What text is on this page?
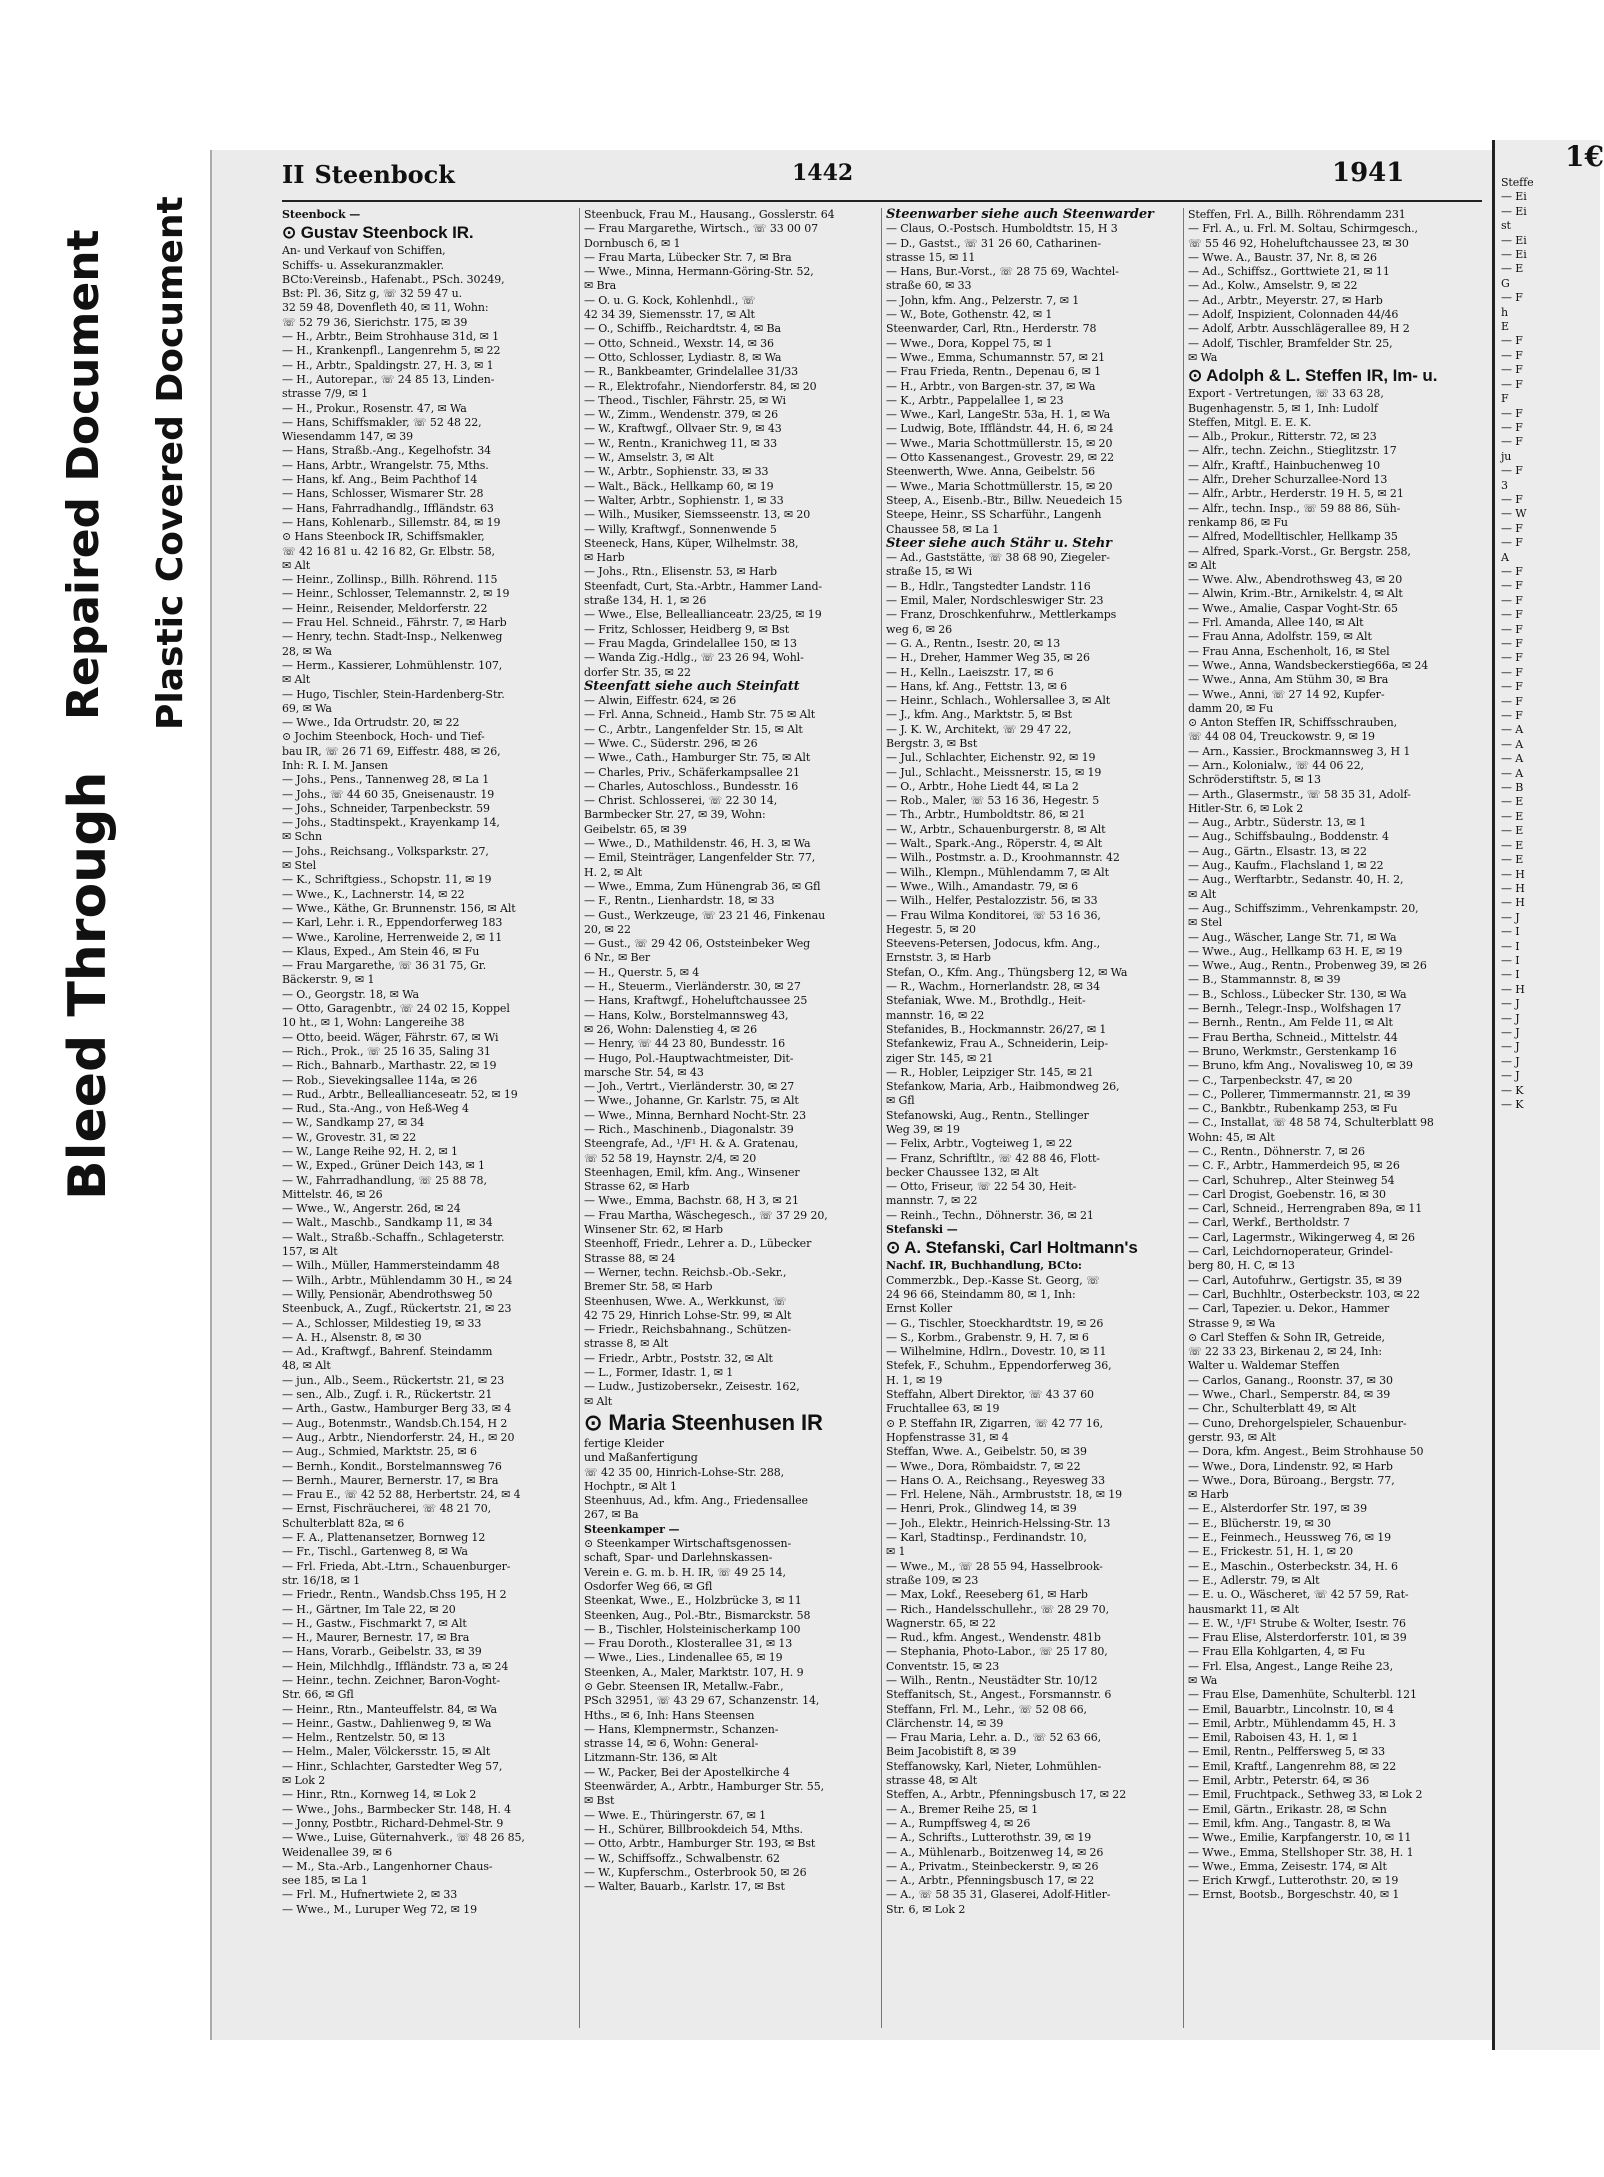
Bleed Through
Repaired Document Plastic Covered Document
II Steenbock	1442	1941
Steenbock —
⊙ Gustav Steenbock IR.
An- und Verkauf von Schiffen,
Schiffs- u. Assekuranzmakler.
BCto:Vereinsb., Hafenabt., PSch. 30249,
Bst: Pl. 36, Sitz g, ☏ 32 59 47 u.
32 59 48, Dovenfleth 40, ✉ 11, Wohn:
☏ 52 79 36, Sierichstr. 175, ✉ 39
— H., Arbtr., Beim Strohhause 31d, ✉ 1
— H., Krankenpfl., Langenrehm 5, ✉ 22
— H., Arbtr., Spaldingstr. 27, H. 3, ✉ 1
— H., Autorepar., ☏ 24 85 13, Linden-
strasse 7/9, ✉ 1
— H., Prokur., Rosenstr. 47, ✉ Wa
— Hans, Schiffsmakler, ☏ 52 48 22,
Wiesendamm 147, ✉ 39
— Hans, Straßb.-Ang., Kegelhofstr. 34
— Hans, Arbtr., Wrangelstr. 75, Mths.
— Hans, kf. Ang., Beim Pachthof 14
— Hans, Schlosser, Wismarer Str. 28
— Hans, Fahrradhandlg., Iffländstr. 63
— Hans, Kohlenarb., Sillemstr. 84, ✉ 19
⊙ Hans Steenbock IR, Schiffsmakler,
☏ 42 16 81 u. 42 16 82, Gr. Elbstr. 58,
✉ Alt
— Heinr., Zollinsp., Billh. Röhrend. 115
— Heinr., Schlosser, Telemannstr. 2, ✉ 19
— Heinr., Reisender, Meldorferstr. 22
— Frau Hel. Schneid., Fährstr. 7, ✉ Harb
— Henry, techn. Stadt-Insp., Nelkenweg
28, ✉ Wa
— Herm., Kassierer, Lohmühlenstr. 107,
✉ Alt
— Hugo, Tischler, Stein-Hardenberg-Str.
69, ✉ Wa
— Wwe., Ida Ortrudstr. 20, ✉ 22
⊙ Jochim Steenbock, Hoch- und Tief-
bau IR, ☏ 26 71 69, Eiffestr. 488, ✉ 26,
Inh: R. I. M. Jansen
— Johs., Pens., Tannenweg 28, ✉ La 1
— Johs., ☏ 44 60 35, Gneisenaustr. 19
— Johs., Schneider, Tarpenbeckstr. 59
— Johs., Stadtinspekt., Krayenkamp 14,
✉ Schn
— Johs., Reichsang., Volksparkstr. 27,
✉ Stel
— K., Schriftgiess., Schopstr. 11, ✉ 19
— Wwe., K., Lachnerstr. 14, ✉ 22
— Wwe., Käthe, Gr. Brunnenstr. 156, ✉ Alt
— Karl, Lehr. i. R., Eppendorferweg 183
— Wwe., Karoline, Herrenweide 2, ✉ 11
— Klaus, Exped., Am Stein 46, ✉ Fu
— Frau Margarethe, ☏ 36 31 75, Gr.
Bäckerstr. 9, ✉ 1
— O., Georgstr. 18, ✉ Wa
— Otto, Garagenbtr., ☏ 24 02 15, Koppel
10 ht., ✉ 1, Wohn: Langereihe 38
— Otto, beeid. Wäger, Fährstr. 67, ✉ Wi
— Rich., Prok., ☏ 25 16 35, Saling 31
— Rich., Bahnarb., Marthastr. 22, ✉ 19
— Rob., Sievekingsallee 114a, ✉ 26
— Rud., Arbtr., Belleallianceseatr. 52, ✉ 19
— Rud., Sta.-Ang., von Heß-Weg 4
— W., Sandkamp 27, ✉ 34
— W., Grovestr. 31, ✉ 22
— W., Lange Reihe 92, H. 2, ✉ 1
— W., Exped., Grüner Deich 143, ✉ 1
— W., Fahrradhandlung, ☏ 25 88 78,
Mittelstr. 46, ✉ 26
— Wwe., W., Angerstr. 26d, ✉ 24
— Walt., Maschb., Sandkamp 11, ✉ 34
— Walt., Straßb.-Schaffn., Schlageterstr.
157, ✉ Alt
— Wilh., Müller, Hammersteindamm 48
— Wilh., Arbtr., Mühlendamm 30 H., ✉ 24
— Willy, Pensionär, Abendrothsweg 50
Steenbuck, A., Zugf., Rückertstr. 21, ✉ 23
— A., Schlosser, Mildestieg 19, ✉ 33
— A. H., Alsenstr. 8, ✉ 30
— Ad., Kraftwgf., Bahrenf. Steindamm
48, ✉ Alt
— jun., Alb., Seem., Rückertstr. 21, ✉ 23
— sen., Alb., Zugf. i. R., Rückertstr. 21
— Arth., Gastw., Hamburger Berg 33, ✉ 4
— Aug., Botenmstr., Wandsb.Ch.154, H 2
— Aug., Arbtr., Niendorferstr. 24, H., ✉ 20
— Aug., Schmied, Marktstr. 25, ✉ 6
— Bernh., Kondit., Borstelmannsweg 76
— Bernh., Maurer, Bernerstr. 17, ✉ Bra
— Frau E., ☏ 42 52 88, Herbertstr. 24, ✉ 4
— Ernst, Fischräucherei, ☏ 48 21 70,
Schulterblatt 82a, ✉ 6
— F. A., Plattenansetzer, Bornweg 12
— Fr., Tischl., Gartenweg 8, ✉ Wa
— Frl. Frieda, Abt.-Ltrn., Schauenburger-
str. 16/18, ✉ 1
— Friedr., Rentn., Wandsb.Chss 195, H 2
— H., Gärtner, Im Tale 22, ✉ 20
— H., Gastw., Fischmarkt 7, ✉ Alt
— H., Maurer, Bernestr. 17, ✉ Bra
— Hans, Vorarb., Geibelstr. 33, ✉ 39
— Hein, Milchhdlg., Iffländstr. 73 a, ✉ 24
— Heinr., techn. Zeichner, Baron-Voght-
Str. 66, ✉ Gfl
— Heinr., Rtn., Manteuffelstr. 84, ✉ Wa
— Heinr., Gastw., Dahlienweg 9, ✉ Wa
— Helm., Rentzelstr. 50, ✉ 13
— Helm., Maler, Völckersstr. 15, ✉ Alt
— Hinr., Schlachter, Garstedter Weg 57,
✉ Lok 2
— Hinr., Rtn., Kornweg 14, ✉ Lok 2
— Wwe., Johs., Barmbecker Str. 148, H. 4
— Jonny, Postbtr., Richard-Dehmel-Str. 9
— Wwe., Luise, Güternahverk., ☏ 48 26 85,
Weidenallee 39, ✉ 6
— M., Sta.-Arb., Langenhorner Chaus-
see 185, ✉ La 1
— Frl. M., Hufnertwiete 2, ✉ 33
— Wwe., M., Luruper Weg 72, ✉ 19
Steenbuck, Frau M., Hausang., Gosslerstr. 64
— Frau Margarethe, Wirtsch., ☏ 33 00 07
Dornbusch 6, ✉ 1
— Frau Marta, Lübecker Str. 7, ✉ Bra
— Wwe., Minna, Hermann-Göring-Str. 52,
✉ Bra
— O. u. G. Kock, Kohlenhdl., ☏
42 34 39, Siemensstr. 17, ✉ Alt
— O., Schiffb., Reichardtstr. 4, ✉ Ba
— Otto, Schneid., Wexstr. 14, ✉ 36
— Otto, Schlosser, Lydiastr. 8, ✉ Wa
— R., Bankbeamter, Grindelallee 31/33
— R., Elektrofahr., Niendorferstr. 84, ✉ 20
— Theod., Tischler, Fährstr. 25, ✉ Wi
— W., Zimm., Wendenstr. 379, ✉ 26
— W., Kraftwgf., Ollvaer Str. 9, ✉ 43
— W., Rentn., Kranichweg 11, ✉ 33
— W., Amselstr. 3, ✉ Alt
— W., Arbtr., Sophienstr. 33, ✉ 33
— Walt., Bäck., Hellkamp 60, ✉ 19
— Walter, Arbtr., Sophienstr. 1, ✉ 33
— Wilh., Musiker, Siemsseenstr. 13, ✉ 20
— Willy, Kraftwgf., Sonnenwende 5
Steeneck, Hans, Küper, Wilhelmstr. 38,
✉ Harb
— Johs., Rtn., Elisenstr. 53, ✉ Harb
Steenfadt, Curt, Sta.-Arbtr., Hammer Land-
straße 134, H. 1, ✉ 26
— Wwe., Else, Belleallianceatr. 23/25, ✉ 19
— Fritz, Schlosser, Heidberg 9, ✉ Bst
— Frau Magda, Grindelallee 150, ✉ 13
— Wanda Zig.-Hdlg., ☏ 23 26 94, Wohl-
dorfer Str. 35, ✉ 22
Steenfatt siehe auch Steinfatt
— Alwin, Eiffestr. 624, ✉ 26
— Frl. Anna, Schneid., Hamb Str. 75 ✉ Alt
— C., Arbtr., Langenfelder Str. 15, ✉ Alt
— Wwe. C., Süderstr. 296, ✉ 26
— Wwe., Cath., Hamburger Str. 75, ✉ Alt
— Charles, Priv., Schäferkampsallee 21
— Charles, Autoschloss., Bundesstr. 16
— Christ. Schlosserei, ☏ 22 30 14,
Barmbecker Str. 27, ✉ 39, Wohn:
Geibelstr. 65, ✉ 39
— Wwe., D., Mathildenstr. 46, H. 3, ✉ Wa
— Emil, Steinträger, Langenfelder Str. 77,
H. 2, ✉ Alt
— Wwe., Emma, Zum Hünengrab 36, ✉ Gfl
— F., Rentn., Lienhardstr. 18, ✉ 33
— Gust., Werkzeuge, ☏ 23 21 46, Finkenau
20, ✉ 22
— Gust., ☏ 29 42 06, Oststeinbeker Weg
6 Nr., ✉ Ber
— H., Querstr. 5, ✉ 4
— H., Steuerm., Vierländerstr. 30, ✉ 27
— Hans, Kraftwgf., Hoheluftchaussee 25
— Hans, Kolw., Borstelmannsweg 43,
✉ 26, Wohn: Dalenstieg 4, ✉ 26
— Henry, ☏ 44 23 80, Bundesstr. 16
— Hugo, Pol.-Hauptwachtmeister, Dit-
marsche Str. 54, ✉ 43
— Joh., Vertrt., Vierländerstr. 30, ✉ 27
— Wwe., Johanne, Gr. Karlstr. 75, ✉ Alt
— Wwe., Minna, Bernhard Nocht-Str. 23
— Rich., Maschinenb., Diagonalstr. 39
Steengrafe, Ad., ¹/F¹ H. & A. Gratenau,
☏ 52 58 19, Haynstr. 2/4, ✉ 20
Steenhagen, Emil, kfm. Ang., Winsener
Strasse 62, ✉ Harb
— Wwe., Emma, Bachstr. 68, H 3, ✉ 21
— Frau Martha, Wäschegesch., ☏ 37 29 20,
Winsener Str. 62, ✉ Harb
Steenhoff, Friedr., Lehrer a. D., Lübecker
Strasse 88, ✉ 24
— Werner, techn. Reichsb.-Ob.-Sekr.,
Bremer Str. 58, ✉ Harb
Steenhusen, Wwe. A., Werkkunst, ☏
42 75 29, Hinrich Lohse-Str. 99, ✉ Alt
— Friedr., Reichsbahnang., Schützen-
strasse 8, ✉ Alt
— Friedr., Arbtr., Poststr. 32, ✉ Alt
— L., Former, Idastr. 1, ✉ 1
— Ludw., Justizobersekr., Zeisestr. 162,
✉ Alt
⊙ Maria Steenhusen IR
fertige Kleider
und Maßanfertigung
☏ 42 35 00, Hinrich-Lohse-Str. 288,
Hochptr., ✉ Alt 1
Steenhuus, Ad., kfm. Ang., Friedensallee
267, ✉ Ba
Steenkamper —
⊙ Steenkamper Wirtschaftsgenossen-
schaft, Spar- und Darlehnskassen-
Verein e. G. m. b. H. IR, ☏ 49 25 14,
Osdorfer Weg 66, ✉ Gfl
Steenkat, Wwe., E., Holzbrücke 3, ✉ 11
Steenken, Aug., Pol.-Btr., Bismarckstr. 58
— B., Tischler, Holsteinischerkamp 100
— Frau Doroth., Klosterallee 31, ✉ 13
— Wwe., Lies., Lindenallee 65, ✉ 19
Steenken, A., Maler, Marktstr. 107, H. 9
⊙ Gebr. Steensen IR, Metallw.-Fabr.,
PSch 32951, ☏ 43 29 67, Schanzenstr. 14,
Hths., ✉ 6, Inh: Hans Steensen
— Hans, Klempnermstr., Schanzen-
strasse 14, ✉ 6, Wohn: General-
Litzmann-Str. 136, ✉ Alt
— W., Packer, Bei der Apostelkirche 4
Steenwärder, A., Arbtr., Hamburger Str. 55,
✉ Bst
— Wwe. E., Thüringerstr. 67, ✉ 1
— H., Schürer, Billbrookdeich 54, Mths.
— Otto, Arbtr., Hamburger Str. 193, ✉ Bst
— W., Schiffsoffz., Schwalbenstr. 62
— W., Kupferschm., Osterbrook 50, ✉ 26
— Walter, Bauarb., Karlstr. 17, ✉ Bst
Steenwarber siehe auch Steenwarder
— Claus, O.-Postsch. Humboldtstr. 15, H 3
— D., Gastst., ☏ 31 26 60, Catharinen-
strasse 15, ✉ 11
— Hans, Bur.-Vorst., ☏ 28 75 69, Wachtel-
straße 60, ✉ 33
— John, kfm. Ang., Pelzerstr. 7, ✉ 1
— W., Bote, Gothenstr. 42, ✉ 1
Steenwarder, Carl, Rtn., Herderstr. 78
— Wwe., Dora, Koppel 75, ✉ 1
— Wwe., Emma, Schumannstr. 57, ✉ 21
— Frau Frieda, Rentn., Depenau 6, ✉ 1
— H., Arbtr., von Bargen-str. 37, ✉ Wa
— K., Arbtr., Pappelallee 1, ✉ 23
— Wwe., Karl, LangeStr. 53a, H. 1, ✉ Wa
— Ludwig, Bote, Iffländstr. 44, H. 6, ✉ 24
— Wwe., Maria Schottmüllerstr. 15, ✉ 20
— Otto Kassenangest., Grovestr. 29, ✉ 22
Steenwerth, Wwe. Anna, Geibelstr. 56
— Wwe., Maria Schottmüllerstr. 15, ✉ 20
Steep, A., Eisenb.-Btr., Billw. Neuedeich 15
Steepe, Heinr., SS Scharführ., Langenh
Chaussee 58, ✉ La 1
Steer siehe auch Stähr u. Stehr
— Ad., Gaststätte, ☏ 38 68 90, Ziegeler-
straße 15, ✉ Wi
— B., Hdlr., Tangstedter Landstr. 116
— Emil, Maler, Nordschleswiger Str. 23
— Franz, Droschkenfuhrw., Mettlerkamps
weg 6, ✉ 26
— G. A., Rentn., Isestr. 20, ✉ 13
— H., Dreher, Hammer Weg 35, ✉ 26
— H., Kelln., Laeiszstr. 17, ✉ 6
— Hans, kf. Ang., Fettstr. 13, ✉ 6
— Heinr., Schlach., Wohlersallee 3, ✉ Alt
— J., kfm. Ang., Marktstr. 5, ✉ Bst
— J. K. W., Architekt, ☏ 29 47 22,
Bergstr. 3, ✉ Bst
— Jul., Schlachter, Eichenstr. 92, ✉ 19
— Jul., Schlacht., Meissnerstr. 15, ✉ 19
— O., Arbtr., Hohe Liedt 44, ✉ La 2
— Rob., Maler, ☏ 53 16 36, Hegestr. 5
— Th., Arbtr., Humboldtstr. 86, ✉ 21
— W., Arbtr., Schauenburgerstr. 8, ✉ Alt
— Walt., Spark.-Ang., Röperstr. 4, ✉ Alt
— Wilh., Postmstr. a. D., Kroohmannstr. 42
— Wilh., Klempn., Mühlendamm 7, ✉ Alt
— Wwe., Wilh., Amandastr. 79, ✉ 6
— Wilh., Helfer, Pestalozzistr. 56, ✉ 33
— Frau Wilma Konditorei, ☏ 53 16 36,
Hegestr. 5, ✉ 20
Steevens-Petersen, Jodocus, kfm. Ang.,
Ernststr. 3, ✉ Harb
Stefan, O., Kfm. Ang., Thüngsberg 12, ✉ Wa
— R., Wachm., Hornerlandstr. 28, ✉ 34
Stefaniak, Wwe. M., Brothdlg., Heit-
mannstr. 16, ✉ 22
Stefanides, B., Hockmannstr. 26/27, ✉ 1
Stefankewiz, Frau A., Schneiderin, Leip-
ziger Str. 145, ✉ 21
— R., Hobler, Leipziger Str. 145, ✉ 21
Stefankow, Maria, Arb., Haibmondweg 26,
✉ Gfl
Stefanowski, Aug., Rentn., Stellinger
Weg 39, ✉ 19
— Felix, Arbtr., Vogteiweg 1, ✉ 22
— Franz, Schriftltr., ☏ 42 88 46, Flott-
becker Chaussee 132, ✉ Alt
— Otto, Friseur, ☏ 22 54 30, Heit-
mannstr. 7, ✉ 22
— Reinh., Techn., Döhnerstr. 36, ✉ 21
Stefanski —
⊙ A. Stefanski, Carl Holtmann's
Nachf. IR, Buchhandlung, BCto:
Commerzbk., Dep.-Kasse St. Georg, ☏
24 96 66, Steindamm 80, ✉ 1, Inh:
Ernst Koller
— G., Tischler, Stoeckhardtstr. 19, ✉ 26
— S., Korbm., Grabenstr. 9, H. 7, ✉ 6
— Wilhelmine, Hdlrn., Dovestr. 10, ✉ 11
Stefek, F., Schuhm., Eppendorferweg 36,
H. 1, ✉ 19
Steffahn, Albert Direktor, ☏ 43 37 60
Fruchtallee 63, ✉ 19
⊙ P. Steffahn IR, Zigarren, ☏ 42 77 16,
Hopfenstrasse 31, ✉ 4
Steffan, Wwe. A., Geibelstr. 50, ✉ 39
— Wwe., Dora, Römbaidstr. 7, ✉ 22
— Hans O. A., Reichsang., Reyesweg 33
— Frl. Helene, Näh., Armbruststr. 18, ✉ 19
— Henri, Prok., Glindweg 14, ✉ 39
— Joh., Elektr., Heinrich-Helssing-Str. 13
— Karl, Stadtinsp., Ferdinandstr. 10,
✉ 1
— Wwe., M., ☏ 28 55 94, Hasselbrook-
straße 109, ✉ 23
— Max, Lokf., Reeseberg 61, ✉ Harb
— Rich., Handelsschullehr., ☏ 28 29 70,
Wagnerstr. 65, ✉ 22
— Rud., kfm. Angest., Wendenstr. 481b
— Stephania, Photo-Labor., ☏ 25 17 80,
Conventstr. 15, ✉ 23
— Wilh., Rentn., Neustädter Str. 10/12
Steffanitsch, St., Angest., Forsmannstr. 6
Steffann, Frl. M., Lehr., ☏ 52 08 66,
Clärchenstr. 14, ✉ 39
— Frau Maria, Lehr. a. D., ☏ 52 63 66,
Beim Jacobistift 8, ✉ 39
Steffanowsky, Karl, Nieter, Lohmühlen-
strasse 48, ✉ Alt
Steffen, A., Arbtr., Pfenningsbusch 17, ✉ 22
— A., Bremer Reihe 25, ✉ 1
— A., Rumpffsweg 4, ✉ 26
— A., Schrifts., Lutterothstr. 39, ✉ 19
— A., Mühlenarb., Boitzenweg 14, ✉ 26
— A., Privatm., Steinbeckerstr. 9, ✉ 26
— A., Arbtr., Pfenningsbusch 17, ✉ 22
— A., ☏ 58 35 31, Glaserei, Adolf-Hitler-
Str. 6, ✉ Lok 2
Steffen, Frl. A., Billh. Röhrendamm 231
— Frl. A., u. Frl. M. Soltau, Schirmgesch.,
☏ 55 46 92, Hoheluftchaussee 23, ✉ 30
— Wwe. A., Baustr. 37, Nr. 8, ✉ 26
— Ad., Schiffsz., Gorttwiete 21, ✉ 11
— Ad., Kolw., Amselstr. 9, ✉ 22
— Ad., Arbtr., Meyerstr. 27, ✉ Harb
— Adolf, Inspizient, Colonnaden 44/46
— Adolf, Arbtr. Ausschlägerallee 89, H 2
— Adolf, Tischler, Bramfelder Str. 25,
✉ Wa
⊙ Adolph & L. Steffen IR, Im- u.
Export - Vertretungen, ☏ 33 63 28,
Bugenhagenstr. 5, ✉ 1, Inh: Ludolf
Steffen, Mitgl. E. E. K.
— Alb., Prokur., Ritterstr. 72, ✉ 23
— Alfr., techn. Zeichn., Stieglitzstr. 17
— Alfr., Kraftf., Hainbuchenweg 10
— Alfr., Dreher Schurzallee-Nord 13
— Alfr., Arbtr., Herderstr. 19 H. 5, ✉ 21
— Alfr., techn. Insp., ☏ 59 88 86, Süh-
renkamp 86, ✉ Fu
— Alfred, Modelltischler, Hellkamp 35
— Alfred, Spark.-Vorst., Gr. Bergstr. 258,
✉ Alt
— Wwe. Alw., Abendrothsweg 43, ✉ 20
— Alwin, Krim.-Btr., Arnikelstr. 4, ✉ Alt
— Wwe., Amalie, Caspar Voght-Str. 65
— Frl. Amanda, Allee 140, ✉ Alt
— Frau Anna, Adolfstr. 159, ✉ Alt
— Frau Anna, Eschenholt, 16, ✉ Stel
— Wwe., Anna, Wandsbeckerstieg66a, ✉ 24
— Wwe., Anna, Am Stühm 30, ✉ Bra
— Wwe., Anni, ☏ 27 14 92, Kupfer-
damm 20, ✉ Fu
⊙ Anton Steffen IR, Schiffsschrauben,
☏ 44 08 04, Treuckowstr. 9, ✉ 19
— Arn., Kassier., Brockmannsweg 3, H 1
— Arn., Kolonialw., ☏ 44 06 22,
Schröderstiftstr. 5, ✉ 13
— Arth., Glasermstr., ☏ 58 35 31, Adolf-
Hitler-Str. 6, ✉ Lok 2
— Aug., Arbtr., Süderstr. 13, ✉ 1
— Aug., Schiffsbaulng., Boddenstr. 4
— Aug., Gärtn., Elsastr. 13, ✉ 22
— Aug., Kaufm., Flachsland 1, ✉ 22
— Aug., Werftarbtr., Sedanstr. 40, H. 2,
✉ Alt
— Aug., Schiffszimm., Vehrenkampstr. 20,
✉ Stel
— Aug., Wäscher, Lange Str. 71, ✉ Wa
— Wwe., Aug., Hellkamp 63 H. E, ✉ 19
— Wwe., Aug., Rentn., Probenweg 39, ✉ 26
— B., Stammannstr. 8, ✉ 39
— B., Schloss., Lübecker Str. 130, ✉ Wa
— Bernh., Telegr.-Insp., Wolfshagen 17
— Bernh., Rentn., Am Felde 11, ✉ Alt
— Frau Bertha, Schneid., Mittelstr. 44
— Bruno, Werkmstr., Gerstenkamp 16
— Bruno, kfm Ang., Novalisweg 10, ✉ 39
— C., Tarpenbeckstr. 47, ✉ 20
— C., Pollerer, Timmermannstr. 21, ✉ 39
— C., Bankbtr., Rubenkamp 253, ✉ Fu
— C., Installat, ☏ 48 58 74, Schulterblatt 98
Wohn: 45, ✉ Alt
— C., Rentn., Döhnerstr. 7, ✉ 26
— C. F., Arbtr., Hammerdeich 95, ✉ 26
— Carl, Schuhrep., Alter Steinweg 54
— Carl Drogist, Goebenstr. 16, ✉ 30
— Carl, Schneid., Herrengraben 89a, ✉ 11
— Carl, Werkf., Bertholdstr. 7
— Carl, Lagermstr., Wikingerweg 4, ✉ 26
— Carl, Leichdornoperateur, Grindel-
berg 80, H. C, ✉ 13
— Carl, Autofuhrw., Gertigstr. 35, ✉ 39
— Carl, Buchhltr., Osterbeckstr. 103, ✉ 22
— Carl, Tapezier. u. Dekor., Hammer
Strasse 9, ✉ Wa
⊙ Carl Steffen & Sohn IR, Getreide,
☏ 22 33 23, Birkenau 2, ✉ 24, Inh:
Walter u. Waldemar Steffen
— Carlos, Ganang., Roonstr. 37, ✉ 30
— Wwe., Charl., Semperstr. 84, ✉ 39
— Chr., Schulterblatt 49, ✉ Alt
— Cuno, Drehorgelspieler, Schauenbur-
gerstr. 93, ✉ Alt
— Dora, kfm. Angest., Beim Strohhause 50
— Wwe., Dora, Lindenstr. 92, ✉ Harb
— Wwe., Dora, Büroang., Bergstr. 77,
✉ Harb
— E., Alsterdorfer Str. 197, ✉ 39
— E., Blücherstr. 19, ✉ 30
— E., Feinmech., Heussweg 76, ✉ 19
— E., Frickestr. 51, H. 1, ✉ 20
— E., Maschin., Osterbeckstr. 34, H. 6
— E., Adlerstr. 79, ✉ Alt
— E. u. O., Wäscheret, ☏ 42 57 59, Rat-
hausmarkt 11, ✉ Alt
— E. W., ¹/F¹ Strube & Wolter, Isestr. 76
— Frau Elise, Alsterdorferstr. 101, ✉ 39
— Frau Ella Kohlgarten, 4, ✉ Fu
— Frl. Elsa, Angest., Lange Reihe 23,
✉ Wa
— Frau Else, Damenhüte, Schulterbl. 121
— Emil, Bauarbtr., Lincolnstr. 10, ✉ 4
— Emil, Arbtr., Mühlendamm 45, H. 3
— Emil, Raboisen 43, H. 1, ✉ 1
— Emil, Rentn., Pelffersweg 5, ✉ 33
— Emil, Kraftf., Langenrehm 88, ✉ 22
— Emil, Arbtr., Peterstr. 64, ✉ 36
— Emil, Fruchtpack., Sethweg 33, ✉ Lok 2
— Emil, Gärtn., Erikastr. 28, ✉ Schn
— Emil, kfm. Ang., Tangastr. 8, ✉ Wa
— Wwe., Emilie, Karpfangerstr. 10, ✉ 11
— Wwe., Emma, Stellshoper Str. 38, H. 1
— Wwe., Emma, Zeisestr. 174, ✉ Alt
— Erich Krwgf., Lutterothstr. 20, ✉ 19
— Ernst, Bootsb., Borgeschstr. 40, ✉ 1
1€
Steffe
— Ei
— Ei
st
— Ei
— Ei
— E
G
— F
h
E
— F
— F
— F
— F
F
— F
— F
— F
ju
— F
3
— F
— W
— F
— F
A
— F
— F
— F
— F
— F
— F
— F
— F
— F
— F
— F
— A
— A
— A
— A
— B
— E
— E
— E
— E
— E
— H
— H
— H
— J
— I
— I
— I
— I
— H
— J
— J
— J
— J
— J
— J
— K
— K
